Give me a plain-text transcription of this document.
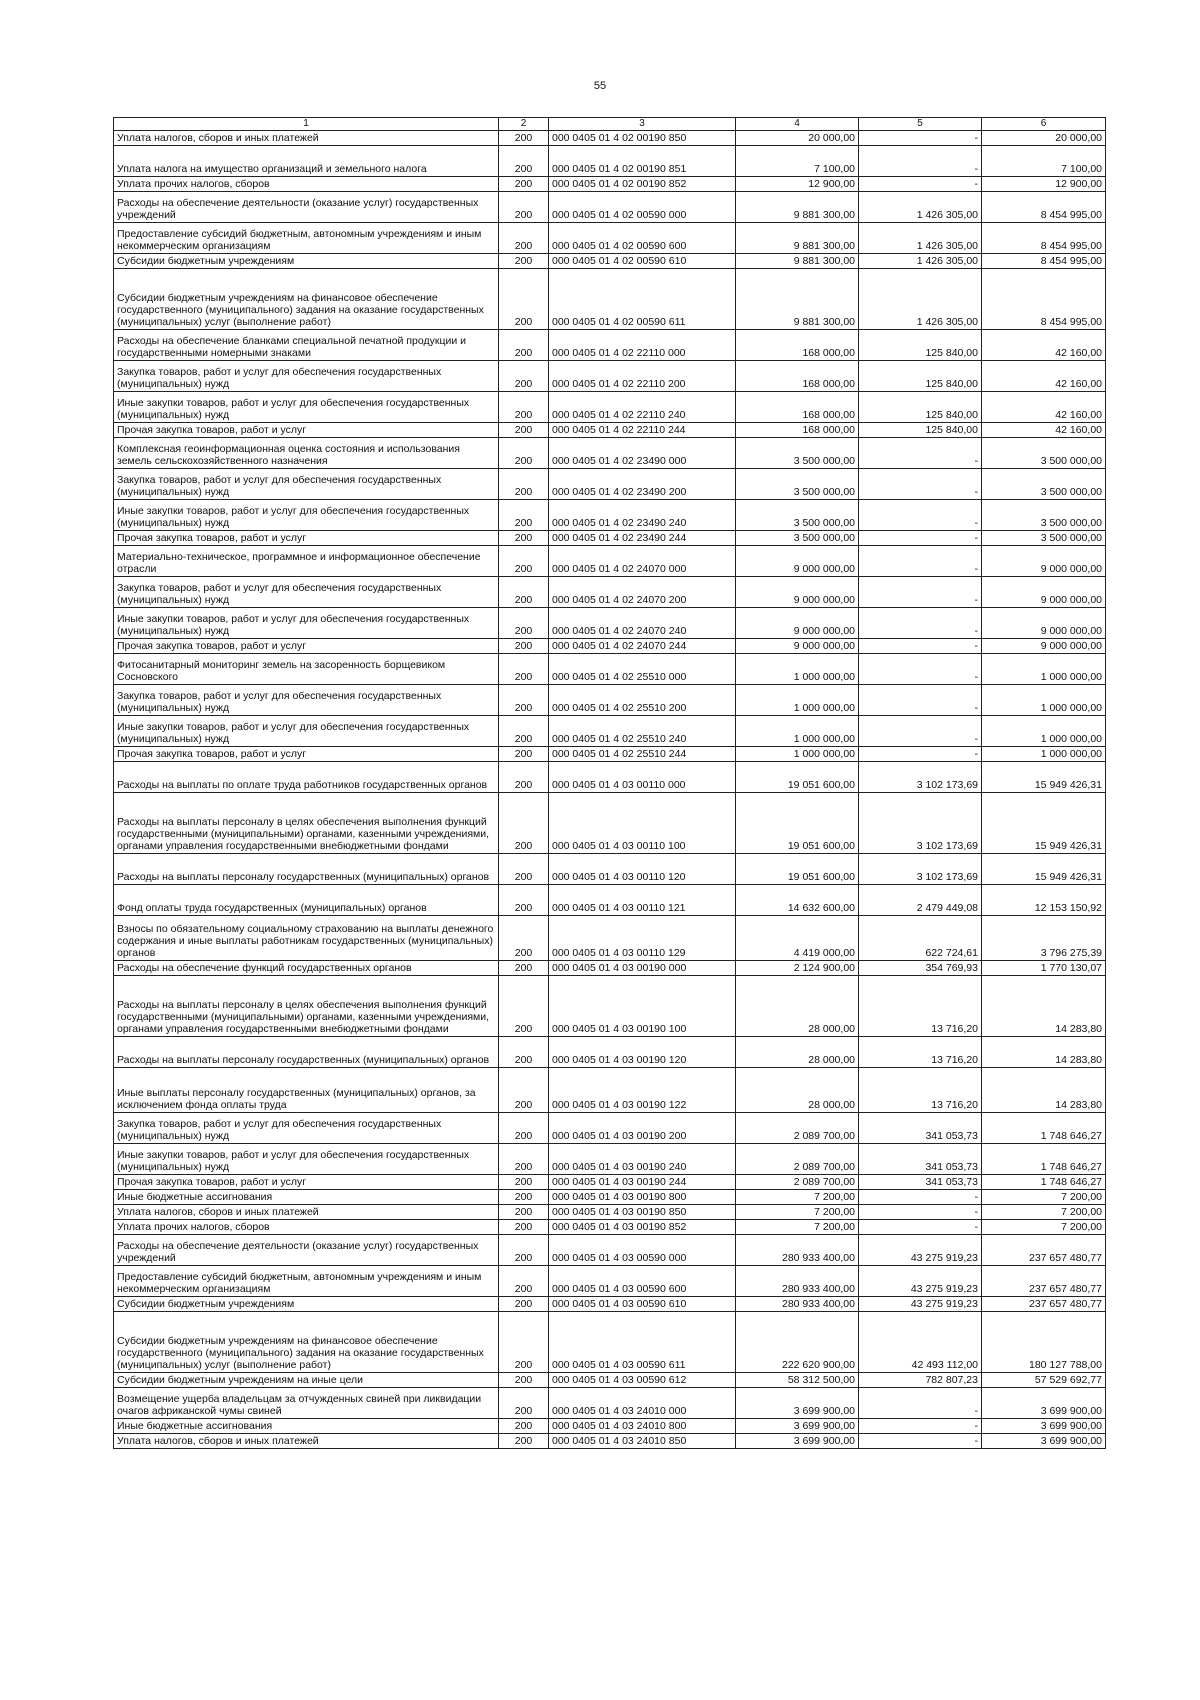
55
1	2	3	4	5	6
Уплата налогов, сборов и иных платежей	200	000 0405 01 4 02 00190 850	20 000,00	-	20 000,00
Уплата налога на имущество организаций и земельного налога	200	000 0405 01 4 02 00190 851	7 100,00	-	7 100,00
Уплата прочих налогов, сборов	200	000 0405 01 4 02 00190 852	12 900,00	-	12 900,00
Расходы на обеспечение деятельности (оказание услуг) государственных учреждений	200	000 0405 01 4 02 00590 000	9 881 300,00	1 426 305,00	8 454 995,00
Предоставление субсидий бюджетным, автономным учреждениям и иным некоммерческим организациям	200	000 0405 01 4 02 00590 600	9 881 300,00	1 426 305,00	8 454 995,00
Субсидии бюджетным учреждениям	200	000 0405 01 4 02 00590 610	9 881 300,00	1 426 305,00	8 454 995,00
Субсидии бюджетным учреждениям на финансовое обеспечение государственного (муниципального) задания на оказание государственных (муниципальных) услуг (выполнение работ)	200	000 0405 01 4 02 00590 611	9 881 300,00	1 426 305,00	8 454 995,00
Расходы на обеспечение бланками специальной печатной продукции и государственными номерными знаками	200	000 0405 01 4 02 22110 000	168 000,00	125 840,00	42 160,00
Закупка товаров, работ и услуг для обеспечения государственных (муниципальных) нужд	200	000 0405 01 4 02 22110 200	168 000,00	125 840,00	42 160,00
Иные закупки товаров, работ и услуг для обеспечения государственных (муниципальных) нужд	200	000 0405 01 4 02 22110 240	168 000,00	125 840,00	42 160,00
Прочая закупка товаров, работ и услуг	200	000 0405 01 4 02 22110 244	168 000,00	125 840,00	42 160,00
Комплексная геоинформационная оценка состояния и использования земель сельскохозяйственного назначения	200	000 0405 01 4 02 23490 000	3 500 000,00	-	3 500 000,00
Закупка товаров, работ и услуг для обеспечения государственных (муниципальных) нужд	200	000 0405 01 4 02 23490 200	3 500 000,00	-	3 500 000,00
Иные закупки товаров, работ и услуг для обеспечения государственных (муниципальных) нужд	200	000 0405 01 4 02 23490 240	3 500 000,00	-	3 500 000,00
Прочая закупка товаров, работ и услуг	200	000 0405 01 4 02 23490 244	3 500 000,00	-	3 500 000,00
Материально-техническое, программное и информационное обеспечение отрасли	200	000 0405 01 4 02 24070 000	9 000 000,00	-	9 000 000,00
Закупка товаров, работ и услуг для обеспечения государственных (муниципальных) нужд	200	000 0405 01 4 02 24070 200	9 000 000,00	-	9 000 000,00
Иные закупки товаров, работ и услуг для обеспечения государственных (муниципальных) нужд	200	000 0405 01 4 02 24070 240	9 000 000,00	-	9 000 000,00
Прочая закупка товаров, работ и услуг	200	000 0405 01 4 02 24070 244	9 000 000,00	-	9 000 000,00
Фитосанитарный мониторинг земель на засоренность борщевиком Сосновского	200	000 0405 01 4 02 25510 000	1 000 000,00	-	1 000 000,00
Закупка товаров, работ и услуг для обеспечения государственных (муниципальных) нужд	200	000 0405 01 4 02 25510 200	1 000 000,00	-	1 000 000,00
Иные закупки товаров, работ и услуг для обеспечения государственных (муниципальных) нужд	200	000 0405 01 4 02 25510 240	1 000 000,00	-	1 000 000,00
Прочая закупка товаров, работ и услуг	200	000 0405 01 4 02 25510 244	1 000 000,00	-	1 000 000,00
Расходы на выплаты по оплате труда работников государственных органов	200	000 0405 01 4 03 00110 000	19 051 600,00	3 102 173,69	15 949 426,31
Расходы на выплаты персоналу в целях обеспечения выполнения функций государственными (муниципальными) органами, казенными учреждениями, органами управления государственными внебюджетными фондами	200	000 0405 01 4 03 00110 100	19 051 600,00	3 102 173,69	15 949 426,31
Расходы на выплаты персоналу государственных (муниципальных) органов	200	000 0405 01 4 03 00110 120	19 051 600,00	3 102 173,69	15 949 426,31
Фонд оплаты труда государственных (муниципальных) органов	200	000 0405 01 4 03 00110 121	14 632 600,00	2 479 449,08	12 153 150,92
Взносы по обязательному социальному страхованию на выплаты денежного содержания и иные выплаты работникам государственных (муниципальных) органов	200	000 0405 01 4 03 00110 129	4 419 000,00	622 724,61	3 796 275,39
Расходы на обеспечение функций государственных органов	200	000 0405 01 4 03 00190 000	2 124 900,00	354 769,93	1 770 130,07
Расходы на выплаты персоналу в целях обеспечения выполнения функций государственными (муниципальными) органами, казенными учреждениями, органами управления государственными внебюджетными фондами	200	000 0405 01 4 03 00190 100	28 000,00	13 716,20	14 283,80
Расходы на выплаты персоналу государственных (муниципальных) органов	200	000 0405 01 4 03 00190 120	28 000,00	13 716,20	14 283,80
Иные выплаты персоналу государственных (муниципальных) органов, за исключением фонда оплаты труда	200	000 0405 01 4 03 00190 122	28 000,00	13 716,20	14 283,80
Закупка товаров, работ и услуг для обеспечения государственных (муниципальных) нужд	200	000 0405 01 4 03 00190 200	2 089 700,00	341 053,73	1 748 646,27
Иные закупки товаров, работ и услуг для обеспечения государственных (муниципальных) нужд	200	000 0405 01 4 03 00190 240	2 089 700,00	341 053,73	1 748 646,27
Прочая закупка товаров, работ и услуг	200	000 0405 01 4 03 00190 244	2 089 700,00	341 053,73	1 748 646,27
Иные бюджетные ассигнования	200	000 0405 01 4 03 00190 800	7 200,00	-	7 200,00
Уплата налогов, сборов и иных платежей	200	000 0405 01 4 03 00190 850	7 200,00	-	7 200,00
Уплата прочих налогов, сборов	200	000 0405 01 4 03 00190 852	7 200,00	-	7 200,00
Расходы на обеспечение деятельности (оказание услуг) государственных учреждений	200	000 0405 01 4 03 00590 000	280 933 400,00	43 275 919,23	237 657 480,77
Предоставление субсидий бюджетным, автономным учреждениям и иным некоммерческим организациям	200	000 0405 01 4 03 00590 600	280 933 400,00	43 275 919,23	237 657 480,77
Субсидии бюджетным учреждениям	200	000 0405 01 4 03 00590 610	280 933 400,00	43 275 919,23	237 657 480,77
Субсидии бюджетным учреждениям на финансовое обеспечение государственного (муниципального) задания на оказание государственных (муниципальных) услуг (выполнение работ)	200	000 0405 01 4 03 00590 611	222 620 900,00	42 493 112,00	180 127 788,00
Субсидии бюджетным учреждениям на иные цели	200	000 0405 01 4 03 00590 612	58 312 500,00	782 807,23	57 529 692,77
Возмещение ущерба владельцам за отчужденных свиней при ликвидации очагов африканской чумы свиней	200	000 0405 01 4 03 24010 000	3 699 900,00	-	3 699 900,00
Иные бюджетные ассигнования	200	000 0405 01 4 03 24010 800	3 699 900,00	-	3 699 900,00
Уплата налогов, сборов и иных платежей	200	000 0405 01 4 03 24010 850	3 699 900,00	-	3 699 900,00
